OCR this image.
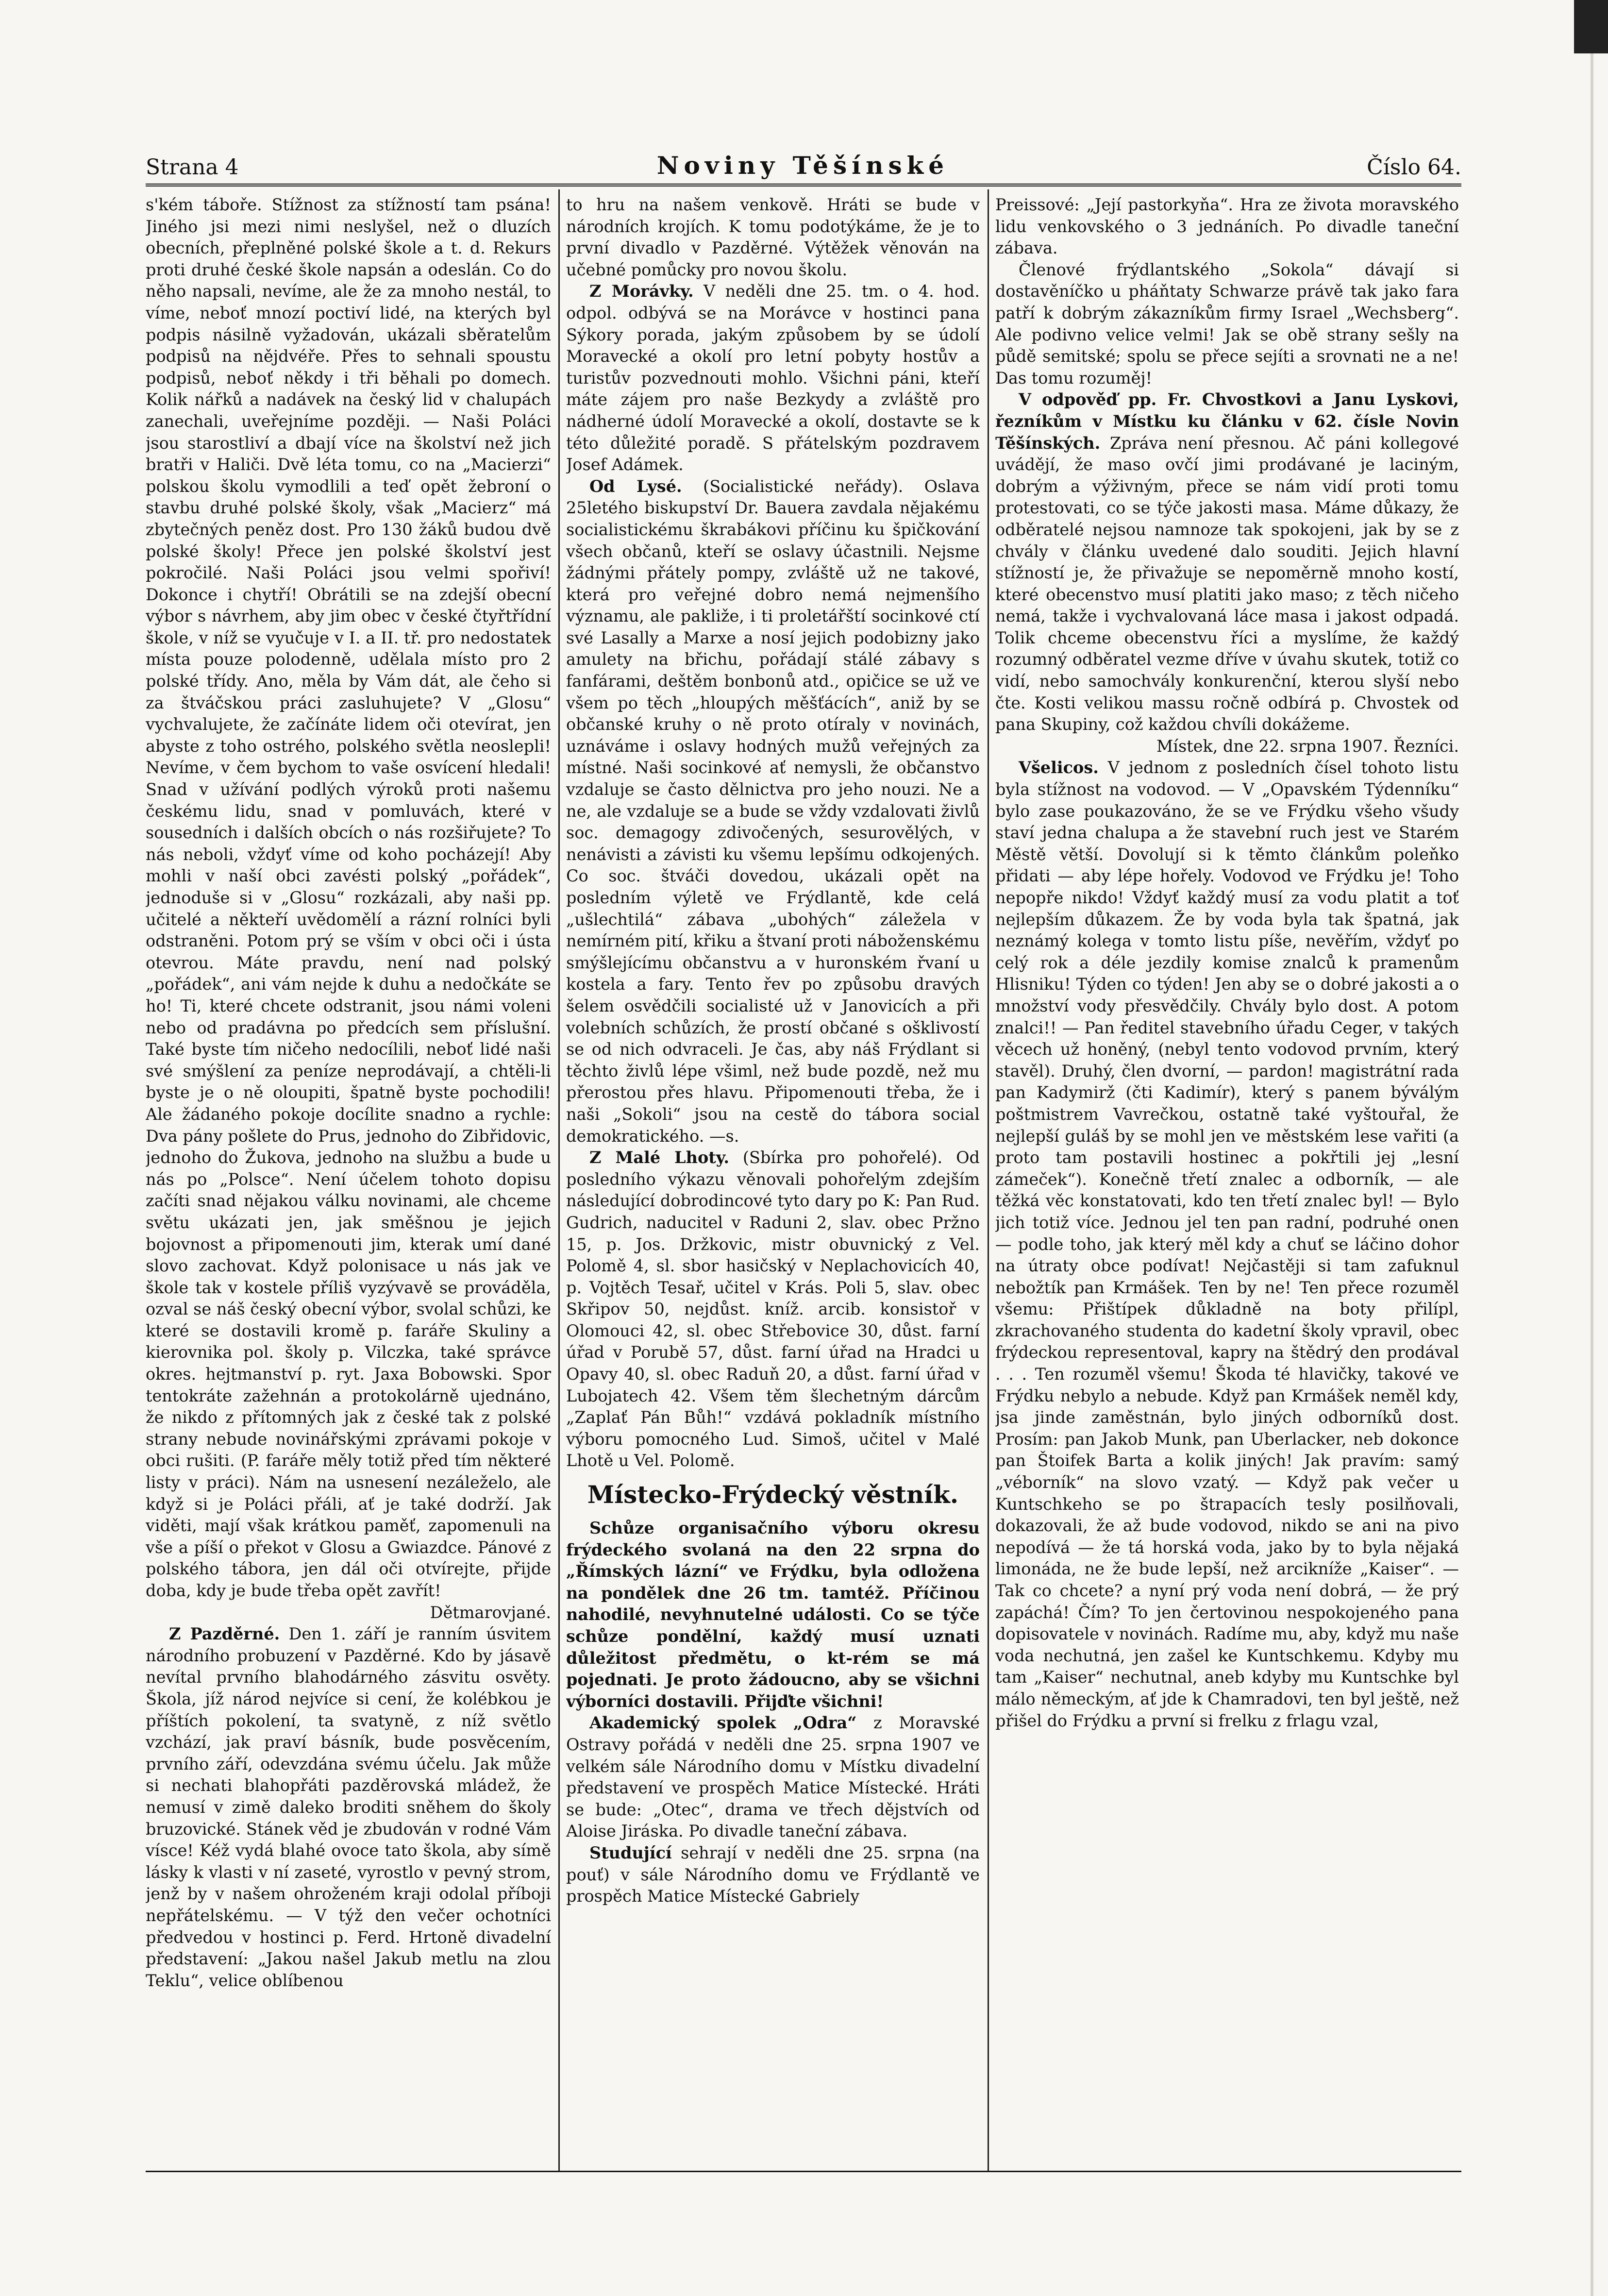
Strana 4	Noviny Těšínské	Číslo 64.

s'kém táboře. Stížnost za stížností tam psána! Jiného jsi mezi nimi neslyšel, než o dluzích obecních, přeplněné polské škole a t. d. Rekurs proti druhé české škole napsán a odeslán. Co do něho napsali, nevíme, ale že za mnoho nestál, to víme, neboť mnozí poctiví lidé, na kterých byl podpis násilně vyžadován, ukázali sběratelům podpisů na nějdvéře. Přes to sehnali spoustu podpisů, neboť někdy i tři běhali po domech. Kolik nářků a nadávek na český lid v chalupách zanechali, uveřejníme později. — Naši Poláci jsou starostliví a dbají více na školství než jich bratři v Haliči. Dvě léta tomu, co na „Macierzi“ polskou školu vymodlili a teď opět žebroní o stavbu druhé polské školy, však „Macierz“ má zbytečných peněz dost. Pro 130 žáků budou dvě polské školy! Přece jen polské školství jest pokročilé. Naši Poláci jsou velmi spořiví! Dokonce i chytří! Obrátili se na zdejší obecní výbor s návrhem, aby jim obec v české čtyřtřídní škole, v níž se vyučuje v I. a II. tř. pro nedostatek místa pouze polodenně, udělala místo pro 2 polské třídy. Ano, měla by Vám dát, ale čeho si za štváčskou práci zasluhujete? V „Glosu“ vychvalujete, že začínáte lidem oči otevírat, jen abyste z toho ostrého, polského světla neoslepli! Nevíme, v čem bychom to vaše osvícení hledali! Snad v užívání podlých výroků proti našemu českému lidu, snad v pomluvách, které v sousedních i dalších obcích o nás rozšiřujete? To nás neboli, vždyť víme od koho pocházejí! Aby mohli v naší obci zavésti polský „pořádek“, jednoduše si v „Glosu“ rozkázali, aby naši pp. učitelé a někteří uvědomělí a rázní rolníci byli odstraněni. Potom prý se vším v obci oči i ústa otevrou. Máte pravdu, není nad polský „pořádek“, ani vám nejde k duhu a nedočkáte se ho! Ti, které chcete odstranit, jsou námi voleni nebo od pradávna po předcích sem příslušní. Také byste tím ničeho nedocílili, neboť lidé naši své smýšlení za peníze neprodávají, a chtěli-li byste je o ně oloupiti, špatně byste pochodili! Ale žádaného pokoje docílite snadno a rychle: Dva pány pošlete do Prus, jednoho do Zibřidovic, jednoho do Žukova, jednoho na službu a bude u nás po „Polsce“. Není účelem tohoto dopisu začíti snad nějakou válku novinami, ale chceme světu ukázati jen, jak směšnou je jejich bojovnost a připomenouti jim, kterak umí dané slovo zachovat. Když polonisace u nás jak ve škole tak v kostele příliš vyzývavě se prováděla, ozval se náš český obecní výbor, svolal schůzi, ke které se dostavili kromě p. faráře Skuliny a kierovnika pol. školy p. Vilczka, také správce okres. hejtmanství p. ryt. Jaxa Bobowski. Spor tentokráte zažehnán a protokolárně ujednáno, že nikdo z přítomných jak z české tak z polské strany nebude novinářskými zprávami pokoje v obci rušiti. (P. faráře měly totiž před tím některé listy v práci). Nám na usnesení nezáleželo, ale když si je Poláci přáli, ať je také dodrží. Jak viděti, mají však krátkou paměť, zapomenuli na vše a píší o překot v Glosu a Gwiazdce. Pánové z polského tábora, jen dál oči otvírejte, přijde doba, kdy je bude třeba opět zavřít!

Dětmarovjané.

Z Pazděrné. Den 1. září je ranním úsvitem národního probuzení v Pazděrné. Kdo by jásavě nevítal prvního blahodárného zásvitu osvěty. Škola, jíž národ nejvíce si cení, že kolébkou je příštích pokolení, ta svatyně, z níž světlo vzchází, jak praví básník, bude posvěcením, prvního září, odevzdána svému účelu. Jak může si nechati blahopřáti pazděrovská mládež, že nemusí v zimě daleko broditi sněhem do školy bruzovické. Stánek věd je zbudován v rodné Vám vísce! Kéž vydá blahé ovoce tato škola, aby símě lásky k vlasti v ní zaseté, vyrostlo v pevný strom, jenž by v našem ohroženém kraji odolal příboji nepřátelskému. — V týž den večer ochotníci předvedou v hostinci p. Ferd. Hrtoně divadelní představení: „Jakou našel Jakub metlu na zlou Teklu“, velice oblíbenou

to hru na našem venkově. Hráti se bude v národních krojích. K tomu podotýkáme, že je to první divadlo v Pazděrné. Výtěžek věnován na učebné pomůcky pro novou školu.

Z Morávky. V neděli dne 25. tm. o 4. hod. odpol. odbývá se na Morávce v hostinci pana Sýkory porada, jakým způsobem by se údolí Moravecké a okolí pro letní pobyty hostův a turistův pozvednouti mohlo. Všichni páni, kteří máte zájem pro naše Bezkydy a zvláště pro nádherné údolí Moravecké a okolí, dostavte se k této důležité poradě. S přátelským pozdravem Josef Adámek.

Od Lysé. (Socialistické neřády). Oslava 25letého biskupství Dr. Bauera zavdala nějakému socialistickému škrabákovi příčinu ku špičkování všech občanů, kteří se oslavy účastnili. Nejsme žádnými přátely pompy, zvláště už ne takové, která pro veřejné dobro nemá nejmenšího významu, ale pakliže, i ti proletářští socinkové ctí své Lasally a Marxe a nosí jejich podobizny jako amulety na břichu, pořádají stálé zábavy s fanfárami, deštěm bonbonů atd., opičice se už ve všem po těch „hloupých měšťácích“, aniž by se občanské kruhy o ně proto otíraly v novinách, uznáváme i oslavy hodných mužů veřejných za místné. Naši socinkové ať nemysli, že občanstvo vzdaluje se často dělnictva pro jeho nouzi. Ne a ne, ale vzdaluje se a bude se vždy vzdalovati živlů soc. demagogy zdivočených, sesurovělých, v nenávisti a závisti ku všemu lepšímu odkojených. Co soc. štváči dovedou, ukázali opět na posledním výletě ve Frýdlantě, kde celá „ušlechtilá“ zábava „ubohých“ záležela v nemírném pití, křiku a štvaní proti náboženskému smýšlejícímu občanstvu a v huronském řvaní u kostela a fary. Tento řev po způsobu dravých šelem osvědčili socialisté už v Janovicích a při volebních schůzích, že prostí občané s ošklivostí se od nich odvraceli. Je čas, aby náš Frýdlant si těchto živlů lépe všiml, než bude pozdě, než mu přerostou přes hlavu. Připomenouti třeba, že i naši „Sokoli“ jsou na cestě do tábora social demokratického. —s.

Z Malé Lhoty. (Sbírka pro pohořelé). Od posledního výkazu věnovali pohořelým zdejším následující dobrodincové tyto dary po K: Pan Rud. Gudrich, naducitel v Raduni 2, slav. obec Pržno 15, p. Jos. Držkovic, mistr obuvnický z Vel. Polomě 4, sl. sbor hasičský v Neplachovicích 40, p. Vojtěch Tesař, učitel v Krás. Poli 5, slav. obec Skřipov 50, nejdůst. kníž. arcib. konsistoř v Olomouci 42, sl. obec Střebovice 30, důst. farní úřad v Porubě 57, důst. farní úřad na Hradci u Opavy 40, sl. obec Raduň 20, a důst. farní úřad v Lubojatech 42. Všem těm šlechetným dárcům „Zaplať Pán Bůh!“ vzdává pokladník místního výboru pomocného Lud. Simoš, učitel v Malé Lhotě u Vel. Polomě.

Místecko-Frýdecký věstník.

Schůze organisačního výboru okresu frýdeckého svolaná na den 22 srpna do „Římských lázní“ ve Frýdku, byla odložena na pondělek dne 26 tm. tamtéž. Příčinou nahodilé, nevyhnutelné události. Co se týče schůze pondělní, každý musí uznati důležitost předmětu, o kt-rém se má pojednati. Je proto žádoucno, aby se všichni výborníci dostavili. Přijďte všichni!

Akademický spolek „Odra“ z Moravské Ostravy pořádá v neděli dne 25. srpna 1907 ve velkém sále Národního domu v Místku divadelní představení ve prospěch Matice Místecké. Hráti se bude: „Otec“, drama ve třech dějstvích od Aloise Jiráska. Po divadle taneční zábava.

Studující sehrají v neděli dne 25. srpna (na pouť) v sále Národního domu ve Frýdlantě ve prospěch Matice Místecké Gabriely

Preissové: „Její pastorkyňa“. Hra ze života moravského lidu venkovského o 3 jednáních. Po divadle taneční zábava.

Členové frýdlantského „Sokola“ dávají si dostavěníčko u pháňtaty Schwarze právě tak jako fara patří k dobrým zákazníkům firmy Israel „Wechsberg“. Ale podivno velice velmi! Jak se obě strany sešly na půdě semitské; spolu se přece sejíti a srovnati ne a ne! Das tomu rozuměj!

V odpověď pp. Fr. Chvostkovi a Janu Lyskovi, řezníkům v Místku ku článku v 62. čísle Novin Těšínských. Zpráva není přesnou. Ač páni kollegové uvádějí, že maso ovčí jimi prodávané je laciným, dobrým a výživným, přece se nám vidí proti tomu protestovati, co se týče jakosti masa. Máme důkazy, že odběratelé nejsou namnoze tak spokojeni, jak by se z chvály v článku uvedené dalo souditi. Jejich hlavní stížností je, že přivažuje se nepoměrně mnoho kostí, které obecenstvo musí platiti jako maso; z těch ničeho nemá, takže i vychvalovaná láce masa i jakost odpadá. Tolik chceme obecenstvu říci a myslíme, že každý rozumný odběratel vezme dříve v úvahu skutek, totiž co vidí, nebo samochvály konkurenční, kterou slyší nebo čte. Kosti velikou massu ročně odbírá p. Chvostek od pana Skupiny, což každou chvíli dokážeme.

Místek, dne 22. srpna 1907. Řezníci.

Všelicos. V jednom z posledních čísel tohoto listu byla stížnost na vodovod. — V „Opavském Týdenníku“ bylo zase poukazováno, že se ve Frýdku všeho všudy staví jedna chalupa a že stavební ruch jest ve Starém Městě větší. Dovolují si k těmto článkům poleňko přidati — aby lépe hořely. Vodovod ve Frýdku je! Toho nepopře nikdo! Vždyť každý musí za vodu platit a toť nejlepším důkazem. Že by voda byla tak špatná, jak neznámý kolega v tomto listu píše, nevěřím, vždyť po celý rok a déle jezdily komise znalců k pramenům Hlisniku! Týden co týden! Jen aby se o dobré jakosti a o množství vody přesvědčily. Chvály bylo dost. A potom znalci!! — Pan ředitel stavebního úřadu Ceger, v takých věcech už honěný, (nebyl tento vodovod prvním, který stavěl). Druhý, člen dvorní, — pardon! magistrátní rada pan Kadymirž (čti Kadimír), který s panem býválým poštmistrem Vavrečkou, ostatně také vyštouřal, že nejlepší guláš by se mohl jen ve městském lese vařiti (a proto tam postavili hostinec a pokřtili jej „lesní zámeček“). Konečně třetí znalec a odborník, — ale těžká věc konstatovati, kdo ten třetí znalec byl! — Bylo jich totiž více. Jednou jel ten pan radní, podruhé onen — podle toho, jak který měl kdy a chuť se láčino dohor na útraty obce podívat! Nejčastěji si tam zafuknul nebožtík pan Krmášek. Ten by ne! Ten přece rozuměl všemu: Přištípek důkladně na boty přilípl, zkrachovaného studenta do kadetní školy vpravil, obec frýdeckou representoval, kapry na štědrý den prodával . . . Ten rozuměl všemu! Škoda té hlavičky, takové ve Frýdku nebylo a nebude. Když pan Krmášek neměl kdy, jsa jinde zaměstnán, bylo jiných odborníků dost. Prosím: pan Jakob Munk, pan Uberlacker, neb dokonce pan Štoifek Barta a kolik jiných! Jak pravím: samý „véborník“ na slovo vzatý. — Když pak večer u Kuntschkeho se po štrapacích tesly posilňovali, dokazovali, že až bude vodovod, nikdo se ani na pivo nepodívá — že tá horská voda, jako by to byla nějaká limonáda, ne že bude lepší, než arcikníže „Kaiser“. — Tak co chcete? a nyní prý voda není dobrá, — že prý zapáchá! Čím? To jen čertovinou nespokojeného pana dopisovatele v novinách. Radíme mu, aby, když mu naše voda nechutná, jen zašel ke Kuntschkemu. Kdyby mu tam „Kaiser“ nechutnal, aneb kdyby mu Kuntschke byl málo německým, ať jde k Chamradovi, ten byl ještě, než přišel do Frýdku a první si frelku z frlagu vzal,
